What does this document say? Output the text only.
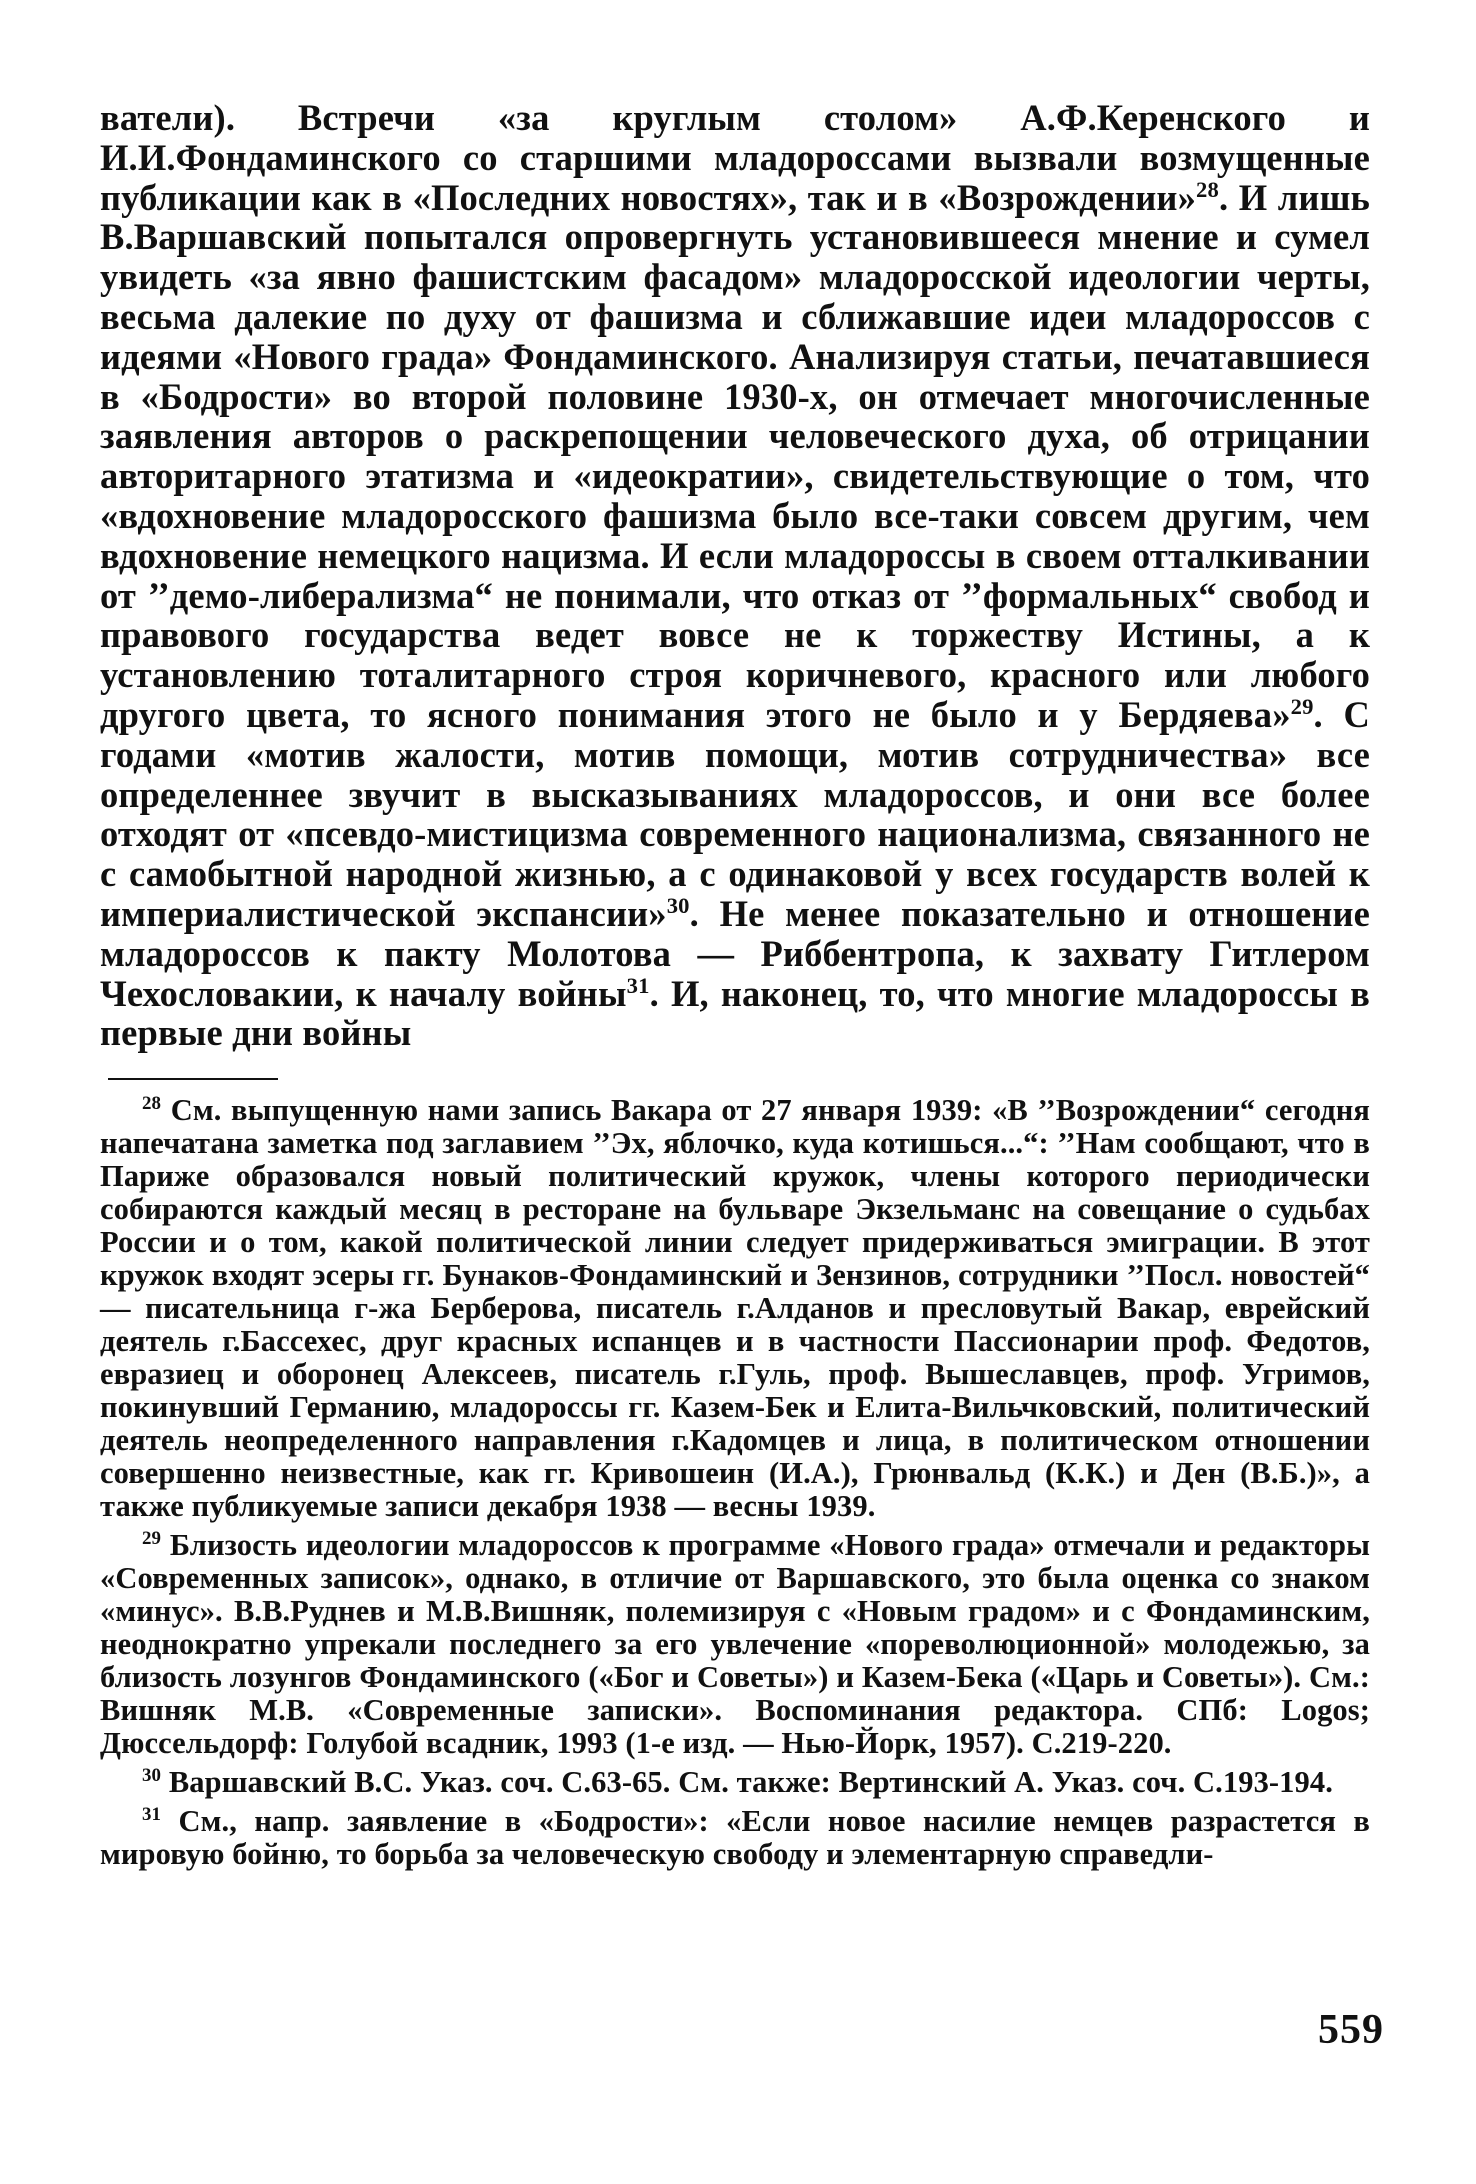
ватели). Встречи «за круглым столом» А.Ф.Керенского и И.И.Фондаминского со старшими младороссами вызвали возмущенные публикации как в «Последних новостях», так и в «Возрождении»$^{28}$. И лишь В.Варшавский попытался опровергнуть установившееся мнение и сумел увидеть «за явно фашистским фасадом» младоросской идеологии черты, весьма далекие по духу от фашизма и сближавшие идеи младороссов с идеями «Нового града» Фондаминского. Анализируя статьи, печатавшиеся в «Бодрости» во второй половине 1930-х, он отмечает многочисленные заявления авторов о раскрепощении человеческого духа, об отрицании авторитарного этатизма и «идеократии», свидетельствующие о том, что «вдохновение младоросского фашизма было все-таки совсем другим, чем вдохновение немецкого нацизма. И если младороссы в своем отталкивании от ’’демо-либерализма“ не понимали, что отказ от ’’формальных“ свобод и правового государства ведет вовсе не к торжеству Истины, а к установлению тоталитарного строя коричневого, красного или любого другого цвета, то ясного понимания этого не было и у Бердяева»$^{29}$. С годами «мотив жалости, мотив помощи, мотив сотрудничества» все определеннее звучит в высказываниях младороссов, и они все более отходят от «псевдо-мистицизма современного национализма, связанного не с самобытной народной жизнью, а с одинаковой у всех государств волей к империалистической экспансии»$^{30}$. Не менее показательно и отношение младороссов к пакту Молотова — Риббентропа, к захвату Гитлером Чехословакии, к началу войны$^{31}$. И, наконец, то, что многие младороссы в первые дни войны

$^{28}$ См. выпущенную нами запись Вакара от 27 января 1939: «В ’’Возрождении“ сегодня напечатана заметка под заглавием ’’Эх, яблочко, куда котишься...“: ’’Нам сообщают, что в Париже образовался новый политический кружок, члены которого периодически собираются каждый месяц в ресторане на бульваре Экзельманс на совещание о судьбах России и о том, какой политической линии следует придерживаться эмиграции. В этот кружок входят эсеры гг. Бунаков-Фондаминский и Зензинов, сотрудники ’’Посл. новостей“ — писательница г-жа Берберова, писатель г.Алданов и пресловутый Вакар, еврейский деятель г.Бассехес, друг красных испанцев и в частности Пассионарии проф. Федотов, евразиец и оборонец Алексеев, писатель г.Гуль, проф. Вышеславцев, проф. Угримов, покинувший Германию, младороссы гг. Казем-Бек и Елита-Вильчковский, политический деятель неопределенного направления г.Кадомцев и лица, в политическом отношении совершенно неизвестные, как гг. Кривошеин (И.А.), Грюнвальд (К.К.) и Ден (В.Б.)», а также публикуемые записи декабря 1938 — весны 1939.

$^{29}$ Близость идеологии младороссов к программе «Нового града» отмечали и редакторы «Современных записок», однако, в отличие от Варшавского, это была оценка со знаком «минус». В.В.Руднев и М.В.Вишняк, полемизируя с «Новым градом» и с Фондаминским, неоднократно упрекали последнего за его увлечение «пореволюционной» молодежью, за близость лозунгов Фондаминского («Бог и Советы») и Казем-Бека («Царь и Советы»). См.: Вишняк М.В. «Современные записки». Воспоминания редактора. СПб: Logos; Дюссельдорф: Голубой всадник, 1993 (1-е изд. — Нью-Йорк, 1957). С.219-220.

$^{30}$ Варшавский В.С. Указ. соч. С.63-65. См. также: Вертинский А. Указ. соч. С.193-194.

$^{31}$ См., напр. заявление в «Бодрости»: «Если новое насилие немцев разрастется в мировую бойню, то борьба за человеческую свободу и элементарную справедли-

559
